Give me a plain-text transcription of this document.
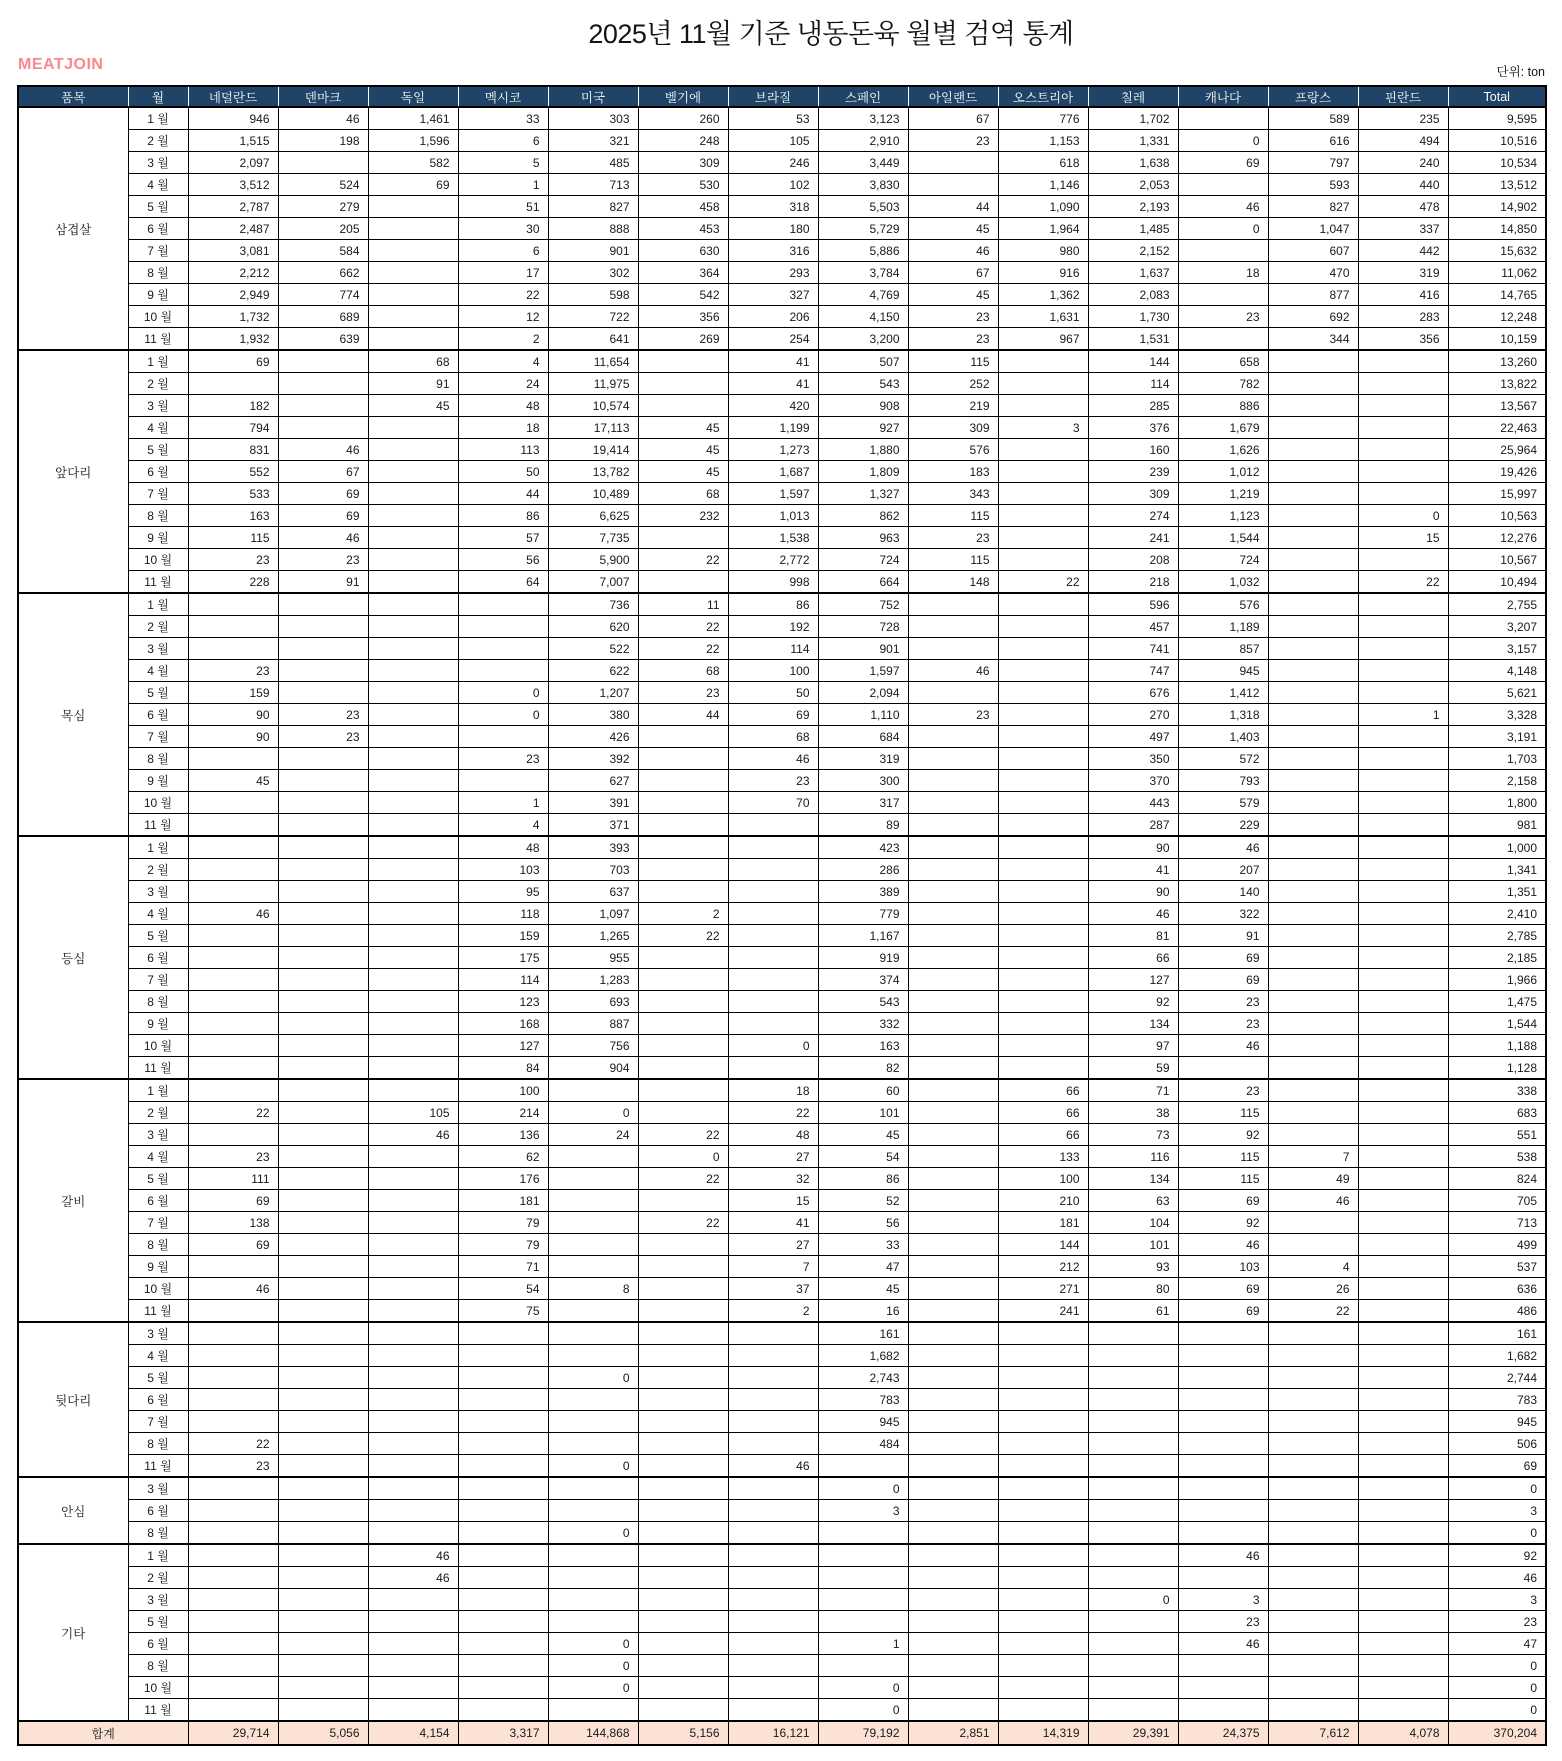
2025년 11월 기준 냉동돈육 월별 검역 통계
MEATJOIN	단위: ton
품목	월	네덜란드	덴마크	독일	멕시코	미국	벨기에	브라질	스페인	아일랜드	오스트리아	칠레	캐나다	프랑스	핀란드	Total
삼겹살	1 월	946	46	1,461	33	303	260	53	3,123	67	776	1,702		589	235	9,595
	2 월	1,515	198	1,596	6	321	248	105	2,910	23	1,153	1,331	0	616	494	10,516
	3 월	2,097		582	5	485	309	246	3,449		618	1,638	69	797	240	10,534
	4 월	3,512	524	69	1	713	530	102	3,830		1,146	2,053		593	440	13,512
	5 월	2,787	279		51	827	458	318	5,503	44	1,090	2,193	46	827	478	14,902
	6 월	2,487	205		30	888	453	180	5,729	45	1,964	1,485	0	1,047	337	14,850
	7 월	3,081	584		6	901	630	316	5,886	46	980	2,152		607	442	15,632
	8 월	2,212	662		17	302	364	293	3,784	67	916	1,637	18	470	319	11,062
	9 월	2,949	774		22	598	542	327	4,769	45	1,362	2,083		877	416	14,765
	10 월	1,732	689		12	722	356	206	4,150	23	1,631	1,730	23	692	283	12,248
	11 월	1,932	639		2	641	269	254	3,200	23	967	1,531		344	356	10,159
앞다리	1 월	69		68	4	11,654		41	507	115		144	658			13,260
	2 월			91	24	11,975		41	543	252		114	782			13,822
	3 월	182		45	48	10,574		420	908	219		285	886			13,567
	4 월	794			18	17,113	45	1,199	927	309	3	376	1,679			22,463
	5 월	831	46		113	19,414	45	1,273	1,880	576		160	1,626			25,964
	6 월	552	67		50	13,782	45	1,687	1,809	183		239	1,012			19,426
	7 월	533	69		44	10,489	68	1,597	1,327	343		309	1,219			15,997
	8 월	163	69		86	6,625	232	1,013	862	115		274	1,123		0	10,563
	9 월	115	46		57	7,735		1,538	963	23		241	1,544		15	12,276
	10 월	23	23		56	5,900	22	2,772	724	115		208	724			10,567
	11 월	228	91		64	7,007		998	664	148	22	218	1,032		22	10,494
목심	1 월					736	11	86	752			596	576			2,755
	2 월					620	22	192	728			457	1,189			3,207
	3 월					522	22	114	901			741	857			3,157
	4 월	23				622	68	100	1,597	46		747	945			4,148
	5 월	159			0	1,207	23	50	2,094			676	1,412			5,621
	6 월	90	23		0	380	44	69	1,110	23		270	1,318		1	3,328
	7 월	90	23			426		68	684			497	1,403			3,191
	8 월				23	392		46	319			350	572			1,703
	9 월	45				627		23	300			370	793			2,158
	10 월				1	391		70	317			443	579			1,800
	11 월				4	371			89			287	229			981
등심	1 월				48	393			423			90	46			1,000
	2 월				103	703			286			41	207			1,341
	3 월				95	637			389			90	140			1,351
	4 월	46			118	1,097	2		779			46	322			2,410
	5 월				159	1,265	22		1,167			81	91			2,785
	6 월				175	955			919			66	69			2,185
	7 월				114	1,283			374			127	69			1,966
	8 월				123	693			543			92	23			1,475
	9 월				168	887			332			134	23			1,544
	10 월				127	756		0	163			97	46			1,188
	11 월				84	904			82			59				1,128
갈비	1 월				100			18	60		66	71	23			338
	2 월	22		105	214	0		22	101		66	38	115			683
	3 월			46	136	24	22	48	45		66	73	92			551
	4 월	23			62		0	27	54		133	116	115	7		538
	5 월	111			176		22	32	86		100	134	115	49		824
	6 월	69			181			15	52		210	63	69	46		705
	7 월	138			79		22	41	56		181	104	92			713
	8 월	69			79			27	33		144	101	46			499
	9 월				71			7	47		212	93	103	4		537
	10 월	46			54	8		37	45		271	80	69	26		636
	11 월				75			2	16		241	61	69	22		486
뒷다리	3 월								161							161
	4 월								1,682							1,682
	5 월					0			2,743							2,744
	6 월								783							783
	7 월								945							945
	8 월	22							484							506
	11 월	23				0		46								69
안심	3 월								0							0
	6 월								3							3
	8 월					0										0
기타	1 월			46									46			92
	2 월			46												46
	3 월											0	3			3
	5 월												23			23
	6 월					0			1				46			47
	8 월					0										0
	10 월					0			0							0
	11 월								0							0
합계		29,714	5,056	4,154	3,317	144,868	5,156	16,121	79,192	2,851	14,319	29,391	24,375	7,612	4,078	370,204
